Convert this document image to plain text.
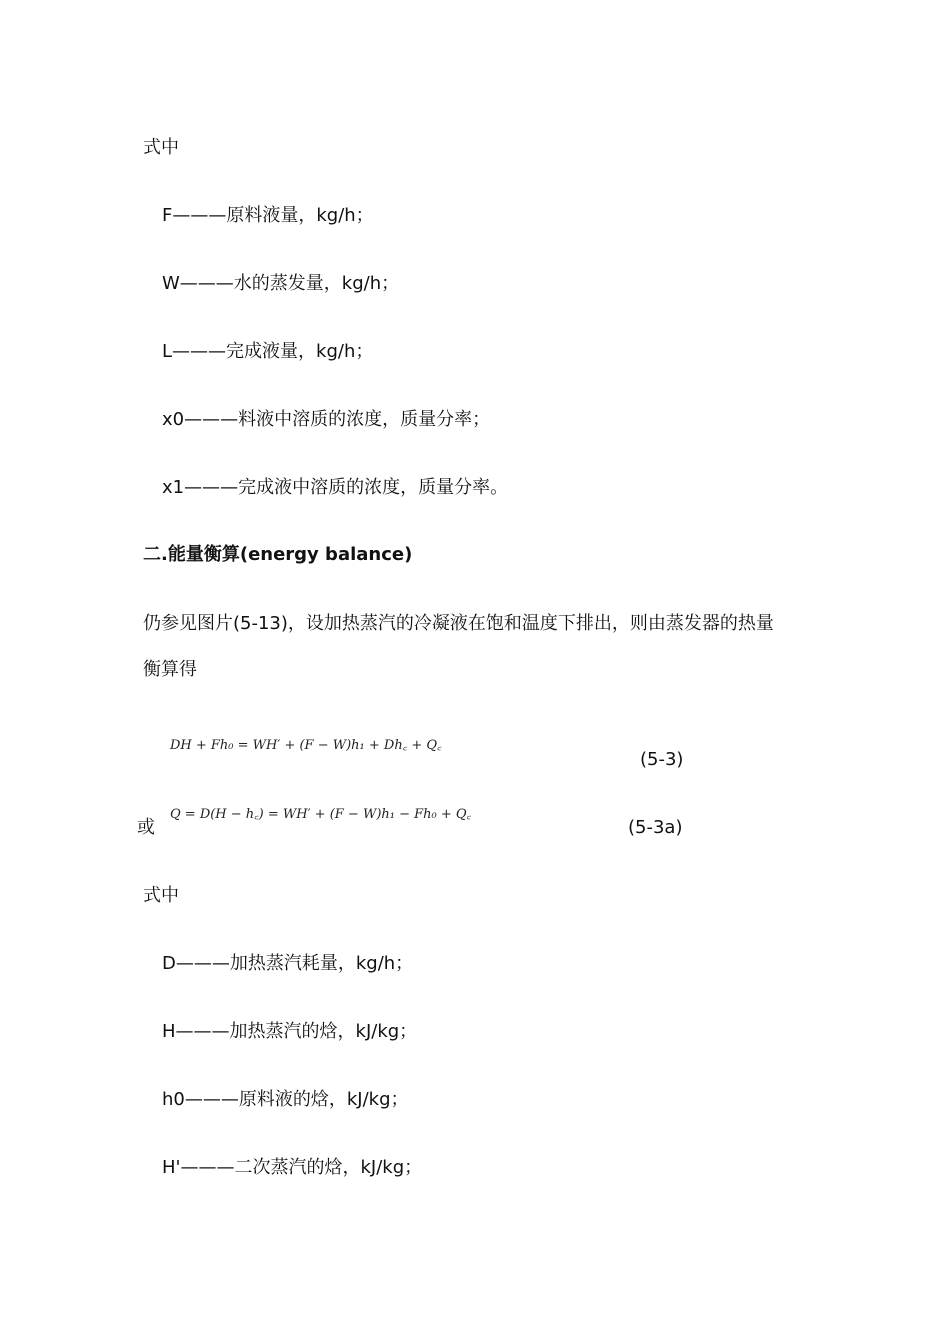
式中
F———原料液量，kg/h；
W———水的蒸发量，kg/h；
L———完成液量，kg/h；
x0———料液中溶质的浓度，质量分率；
x1———完成液中溶质的浓度，质量分率。
二.能量衡算(energy balance)
仍参见图片(5-13)，设加热蒸汽的冷凝液在饱和温度下排出，则由蒸发器的热量
衡算得
DH + Fh₀ = WH′ + (F − W)h₁ + Dh꜀ + Q꜀
(5-3)
或
Q = D(H − h꜀) = WH′ + (F − W)h₁ − Fh₀ + Q꜀
(5-3a)
式中
D———加热蒸汽耗量，kg/h；
H———加热蒸汽的焓，kJ/kg；
h0———原料液的焓，kJ/kg；
H'———二次蒸汽的焓，kJ/kg；
